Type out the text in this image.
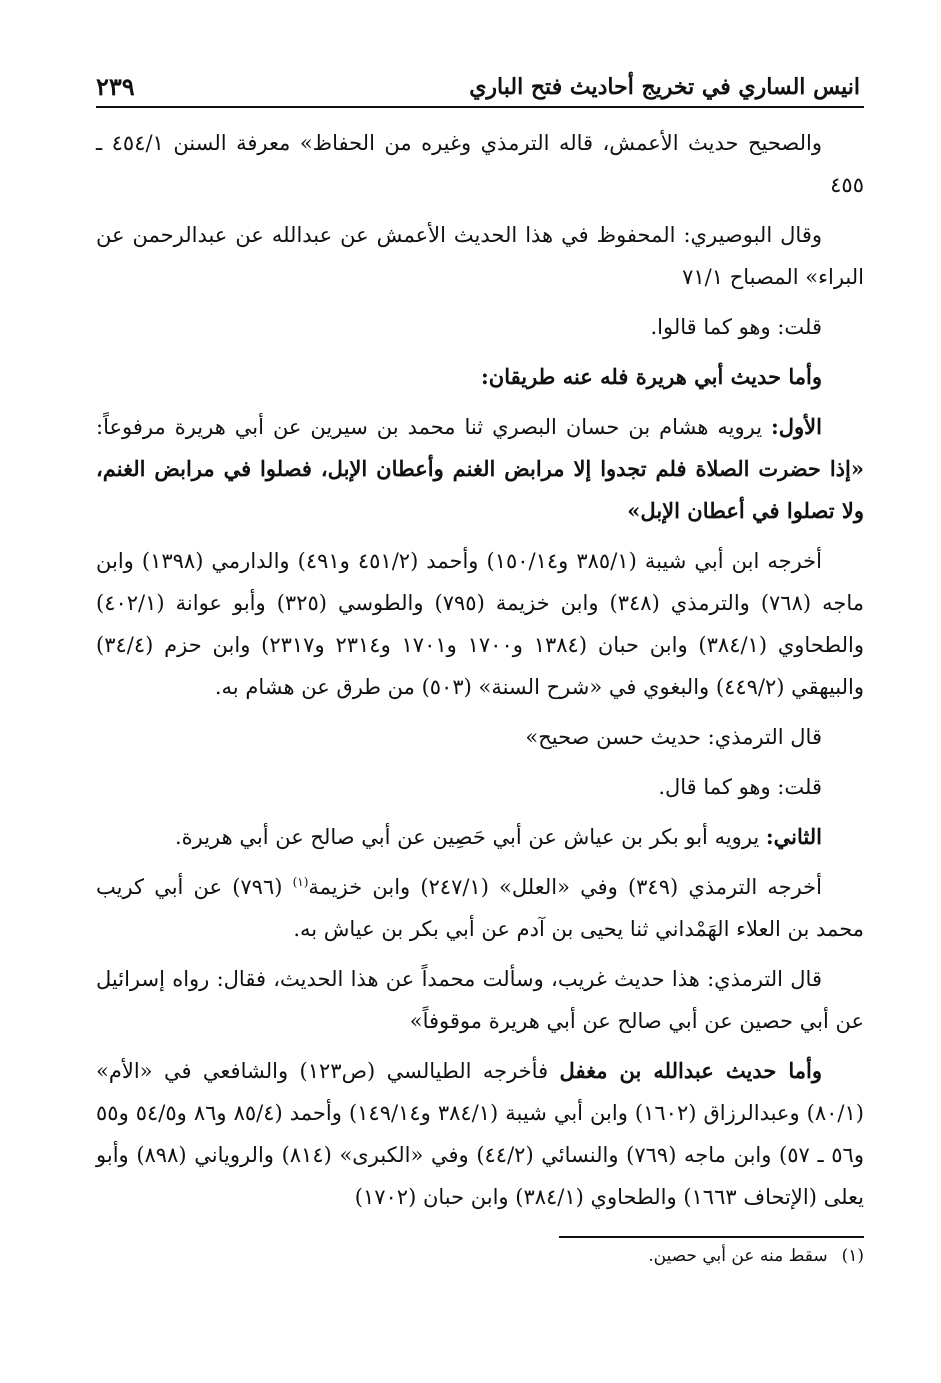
انيس الساري في تخريج أحاديث فتح الباري
٢٣٩

والصحيح حديث الأعمش، قاله الترمذي وغيره من الحفاظ» معرفة السنن ٤٥٤/١ ـ ٤٥٥

وقال البوصيري: المحفوظ في هذا الحديث الأعمش عن عبدالله عن عبدالرحمن عن البراء» المصباح ٧١/١

قلت: وهو كما قالوا.

وأما حديث أبي هريرة فله عنه طريقان:

الأول: يرويه هشام بن حسان البصري ثنا محمد بن سيرين عن أبي هريرة مرفوعاً: «إذا حضرت الصلاة فلم تجدوا إلا مرابض الغنم وأعطان الإبل، فصلوا في مرابض الغنم، ولا تصلوا في أعطان الإبل»

أخرجه ابن أبي شيبة (٣٨٥/١ و١٥٠/١٤) وأحمد (٤٥١/٢ و٤٩١) والدارمي (١٣٩٨) وابن ماجه (٧٦٨) والترمذي (٣٤٨) وابن خزيمة (٧٩٥) والطوسي (٣٢٥) وأبو عوانة (٤٠٢/١) والطحاوي (٣٨٤/١) وابن حبان (١٣٨٤ و١٧٠٠ و١٧٠١ و٢٣١٤ و٢٣١٧) وابن حزم (٣٤/٤) والبيهقي (٤٤٩/٢) والبغوي في «شرح السنة» (٥٠٣) من طرق عن هشام به.

قال الترمذي: حديث حسن صحيح»

قلت: وهو كما قال.

الثاني: يرويه أبو بكر بن عياش عن أبي حَصِين عن أبي صالح عن أبي هريرة.

أخرجه الترمذي (٣٤٩) وفي «العلل» (٢٤٧/١) وابن خزيمة$^{(١)}$ (٧٩٦) عن أبي كريب محمد بن العلاء الهَمْداني ثنا يحيى بن آدم عن أبي بكر بن عياش به.

قال الترمذي: هذا حديث غريب، وسألت محمداً عن هذا الحديث، فقال: رواه إسرائيل عن أبي حصين عن أبي صالح عن أبي هريرة موقوفاً»

وأما حديث عبدالله بن مغفل فأخرجه الطيالسي (ص١٢٣) والشافعي في «الأم» (٨٠/١) وعبدالرزاق (١٦٠٢) وابن أبي شيبة (٣٨٤/١ و١٤٩/١٤) وأحمد (٨٥/٤ و٨٦ و٥٤/٥ و٥٥ و٥٦ ـ ٥٧) وابن ماجه (٧٦٩) والنسائي (٤٤/٢) وفي «الكبرى» (٨١٤) والروياني (٨٩٨) وأبو يعلى (الإتحاف ١٦٦٣) والطحاوي (٣٨٤/١) وابن حبان (١٧٠٢)

(١)سقط منه عن أبي حصين.
